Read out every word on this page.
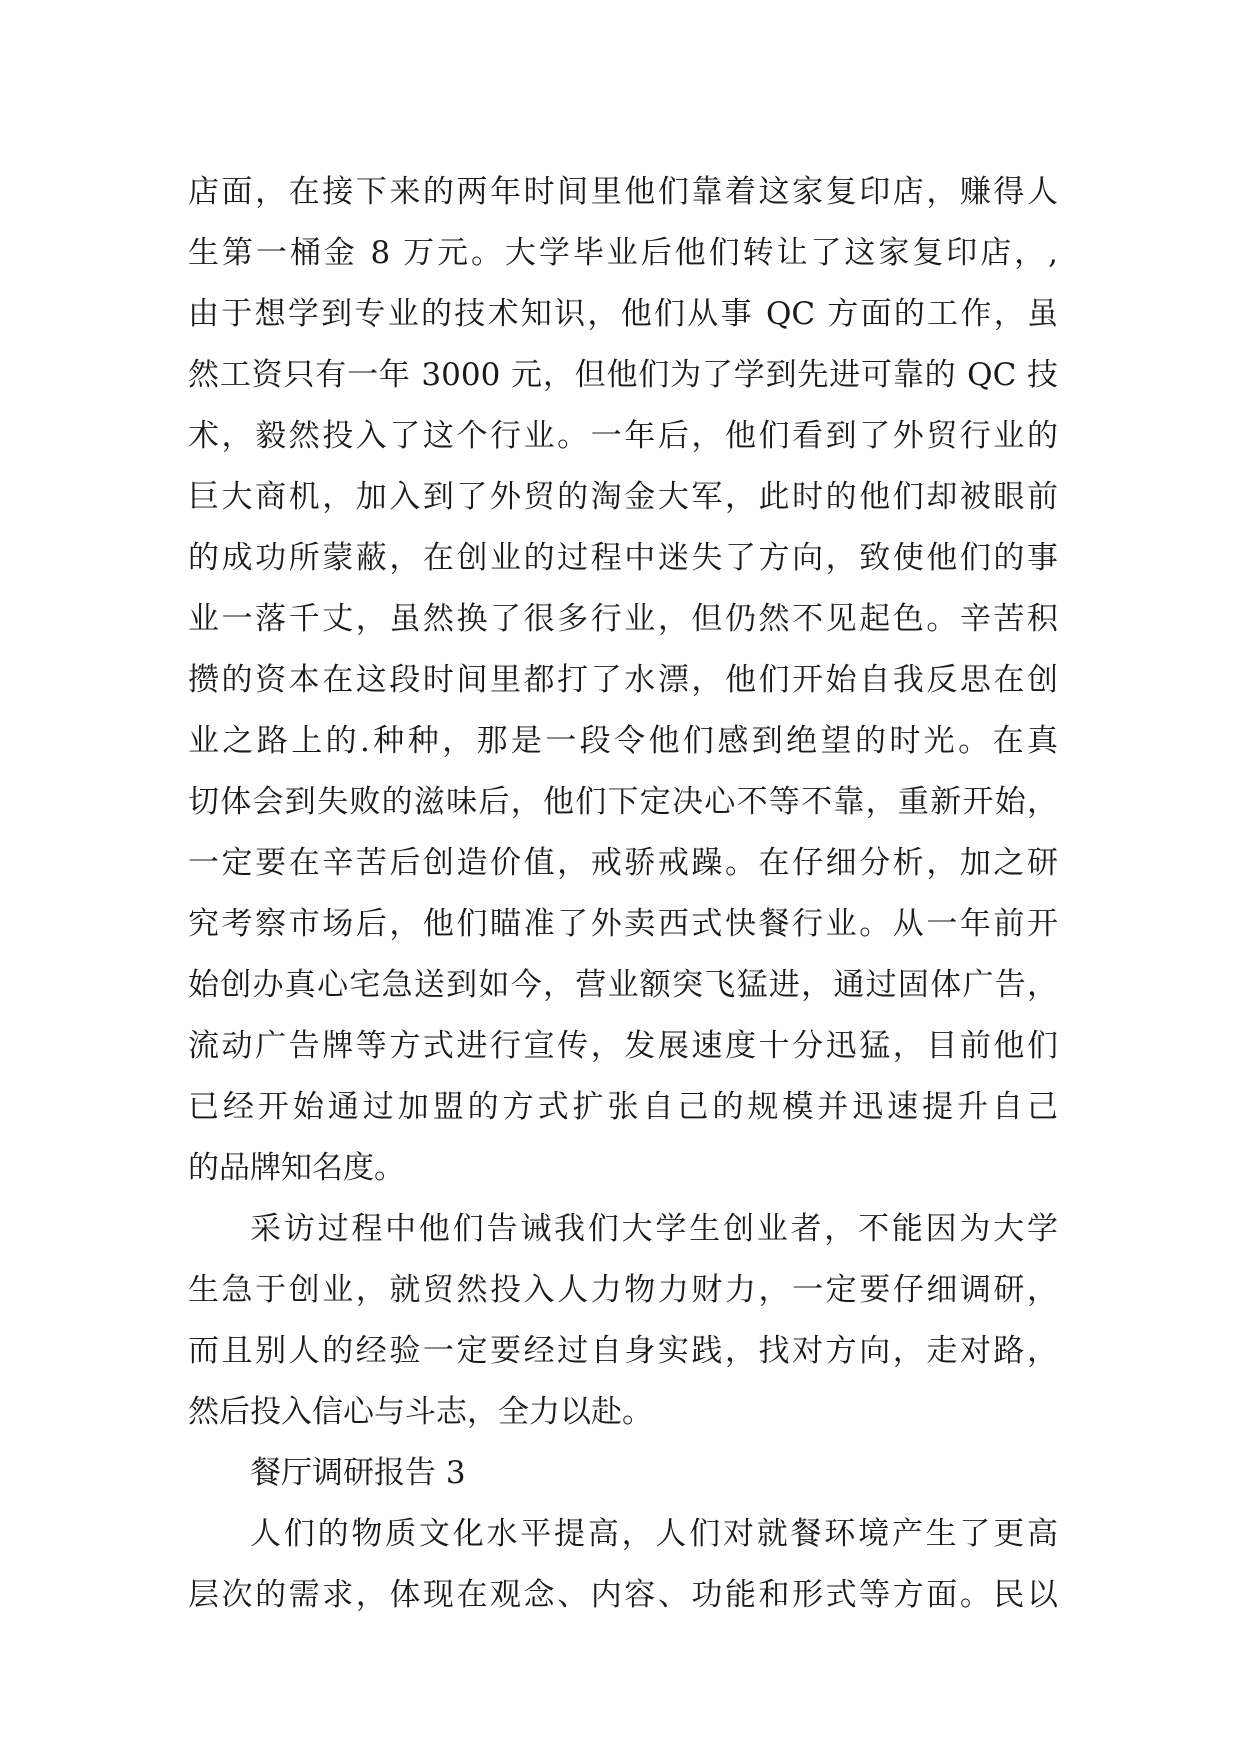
店面，在接下来的两年时间里他们靠着这家复印店，赚得人
生第一桶金 8 万元。大学毕业后他们转让了这家复印店，,
由于想学到专业的技术知识，他们从事 QC 方面的工作，虽
然工资只有一年 3000 元，但他们为了学到先进可靠的 QC 技
术，毅然投入了这个行业。一年后，他们看到了外贸行业的
巨大商机，加入到了外贸的淘金大军，此时的他们却被眼前
的成功所蒙蔽，在创业的过程中迷失了方向，致使他们的事
业一落千丈，虽然换了很多行业，但仍然不见起色。辛苦积
攒的资本在这段时间里都打了水漂，他们开始自我反思在创
业之路上的.种种，那是一段令他们感到绝望的时光。在真
切体会到失败的滋味后，他们下定决心不等不靠，重新开始，
一定要在辛苦后创造价值，戒骄戒躁。在仔细分析，加之研
究考察市场后，他们瞄准了外卖西式快餐行业。从一年前开
始创办真心宅急送到如今，营业额突飞猛进，通过固体广告，
流动广告牌等方式进行宣传，发展速度十分迅猛，目前他们
已经开始通过加盟的方式扩张自己的规模并迅速提升自己
的品牌知名度。
采访过程中他们告诫我们大学生创业者，不能因为大学
生急于创业，就贸然投入人力物力财力，一定要仔细调研，
而且别人的经验一定要经过自身实践，找对方向，走对路，
然后投入信心与斗志，全力以赴。
餐厅调研报告 3
人们的物质文化水平提高，人们对就餐环境产生了更高
层次的需求，体现在观念、内容、功能和形式等方面。民以
